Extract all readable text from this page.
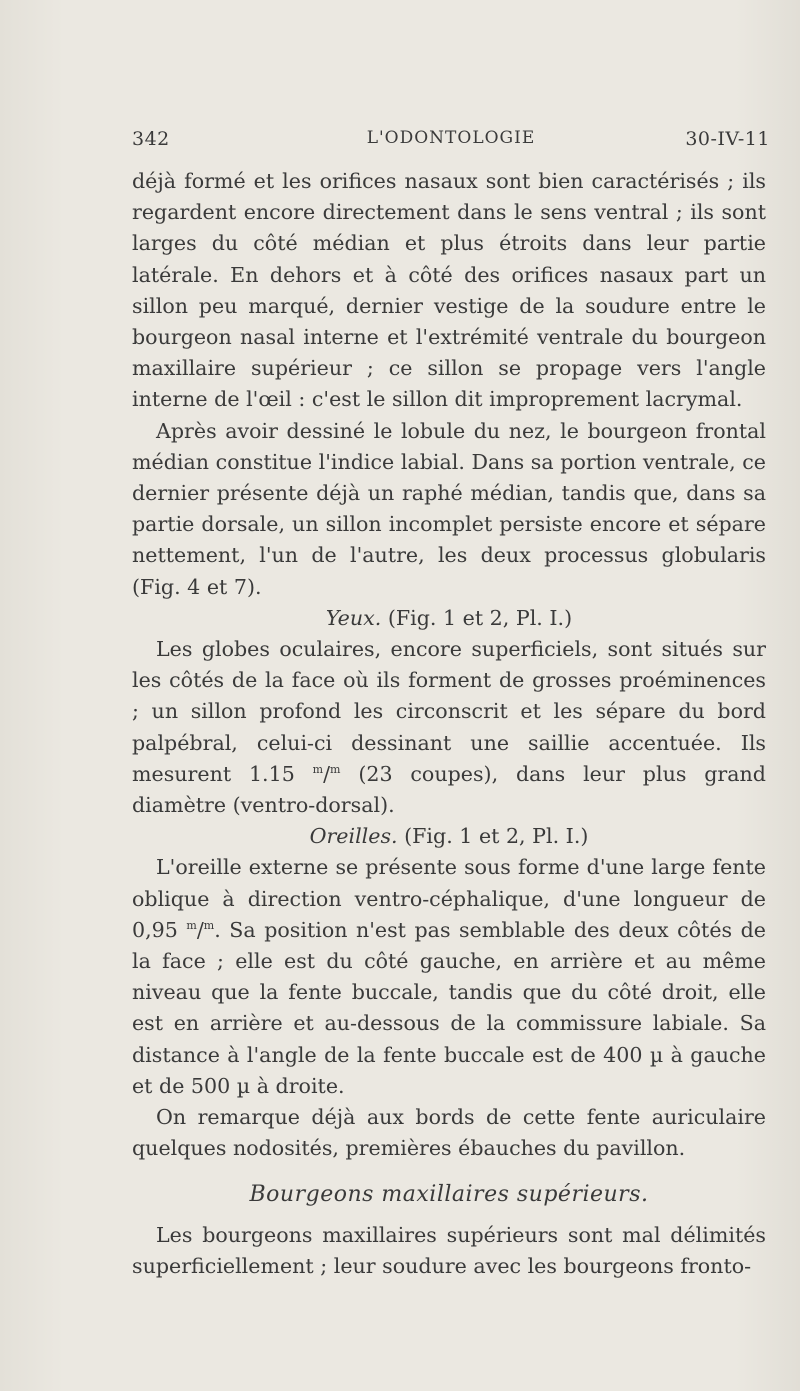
342	L'ODONTOLOGIE	30-IV-11

déjà formé et les orifices nasaux sont bien caractérisés ; ils regardent encore directement dans le sens ventral ; ils sont larges du côté médian et plus étroits dans leur partie latérale. En dehors et à côté des orifices nasaux part un sillon peu marqué, dernier vestige de la soudure entre le bourgeon nasal interne et l'extrémité ventrale du bourgeon maxillaire supérieur ; ce sillon se propage vers l'angle interne de l'œil : c'est le sillon dit improprement lacrymal.

Après avoir dessiné le lobule du nez, le bourgeon frontal médian constitue l'indice labial. Dans sa portion ventrale, ce dernier présente déjà un raphé médian, tandis que, dans sa partie dorsale, un sillon incomplet persiste encore et sépare nettement, l'un de l'autre, les deux processus globularis (Fig. 4 et 7).

Yeux. (Fig. 1 et 2, Pl. I.)

Les globes oculaires, encore superficiels, sont situés sur les côtés de la face où ils forment de grosses proéminences ; un sillon profond les circonscrit et les sépare du bord palpébral, celui-ci dessinant une saillie accentuée. Ils mesurent 1.15 $^m$/$^m$ (23 coupes), dans leur plus grand diamètre (ventro-dorsal).

Oreilles. (Fig. 1 et 2, Pl. I.)

L'oreille externe se présente sous forme d'une large fente oblique à direction ventro-céphalique, d'une longueur de 0,95 $^m$/$^m$. Sa position n'est pas semblable des deux côtés de la face ; elle est du côté gauche, en arrière et au même niveau que la fente buccale, tandis que du côté droit, elle est en arrière et au-dessous de la commissure labiale. Sa distance à l'angle de la fente buccale est de 400 µ à gauche et de 500 µ à droite.

On remarque déjà aux bords de cette fente auriculaire quelques nodosités, premières ébauches du pavillon.

Bourgeons maxillaires supérieurs.

Les bourgeons maxillaires supérieurs sont mal délimités superficiellement ; leur soudure avec les bourgeons fronto-
